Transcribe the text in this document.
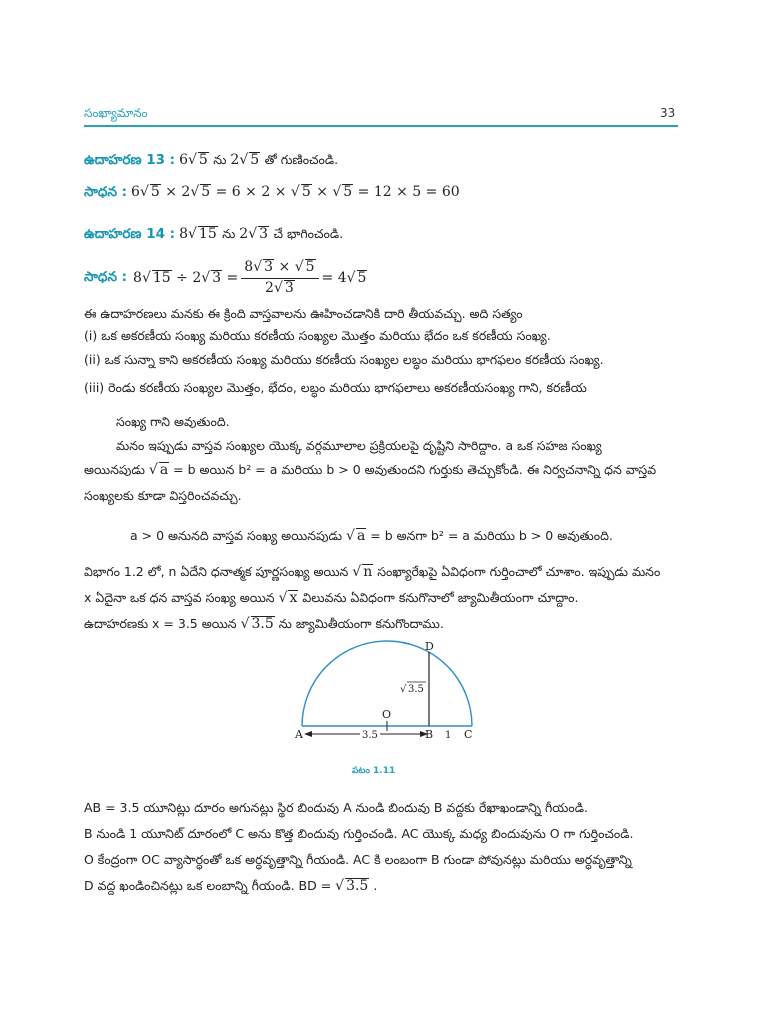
సంఖ్యామానం	33
ఉదాహరణ 13 : 6√ 5 ను 2√ 5 తో గుణించండి.
సాధన : 6√ 5 × 2√ 5 = 6 × 2 × √ 5 × √ 5 = 12 × 5 = 60
ఉదాహరణ 14 : 8√ 15 ను 2√ 3 చే భాగించండి.
సాధన : 8√ 15 ÷ 2√ $3 = \frac{8√ 3 \times √ 5}{2√ 3} = 4√$ 5
ఈ ఉదాహరణలు మనకు ఈ క్రింది వాస్తవాలను ఊహించడానికి దారి తీయవచ్చు. అది సత్యం
(i) ఒక అకరణీయ సంఖ్య మరియు కరణీయ సంఖ్యల మొత్తం మరియు భేదం ఒక కరణీయ సంఖ్య.
(ii) ఒక సున్నా కాని అకరణీయ సంఖ్య మరియు కరణీయ సంఖ్యల లబ్ధం మరియు భాగఫలం కరణీయ సంఖ్య.
(iii) రెండు కరణీయ సంఖ్యల మొత్తం, భేదం, లబ్ధం మరియు భాగఫలాలు అకరణీయసంఖ్య గాని, కరణీయ
సంఖ్య గాని అవుతుంది.
మనం ఇప్పుడు వాస్తవ సంఖ్యల యొక్క వర్గమూలాల ప్రక్రియలపై దృష్టిని సారిద్దాం. a ఒక సహజ సంఖ్య
అయినపుడు √ a = b అయిన b² = a మరియు b > 0 అవుతుందని గుర్తుకు తెచ్చుకోండి. ఈ నిర్వచనాన్ని ధన వాస్తవ
సంఖ్యలకు కూడా విస్తరించవచ్చు.
a > 0 అనునది వాస్తవ సంఖ్య అయినపుడు √ a = b అనగా b² = a మరియు b > 0 అవుతుంది.
విభాగం 1.2 లో, n ఏదేని ధనాత్మక పూర్ణసంఖ్య అయిన √ n సంఖ్యారేఖపై ఏవిధంగా గుర్తించాలో చూశాం. ఇప్పుడు మనం
x ఏదైనా ఒక ధన వాస్తవ సంఖ్య అయిన √ x విలువను ఏవిధంగా కనుగొనాలో జ్యామితీయంగా చూద్దాం.
ఉదాహరణకు x = 3.5 అయిన √ 3.5 ను జ్యామితీయంగా కనుగొందాము.
A	3.5	B 1 C
O
D
√ 3.5
పటం 1.11
AB = 3.5 యూనిట్లు దూరం అగునట్లు స్థిర బిందువు A నుండి బిందువు B వద్దకు రేఖాఖండాన్ని గీయండి.
B నుండి 1 యూనిట్ దూరంలో C అను కొత్త బిందువు గుర్తించండి. AC యొక్క మధ్య బిందువును O గా గుర్తించండి.
O కేంద్రంగా OC వ్యాసార్ధంతో ఒక అర్ధవృత్తాన్ని గీయండి. AC కి లంబంగా B గుండా పోవునట్లు మరియు అర్ధవృత్తాన్ని
D వద్ద ఖండించినట్లు ఒక లంబాన్ని గీయండి. BD = √ 3.5 .
